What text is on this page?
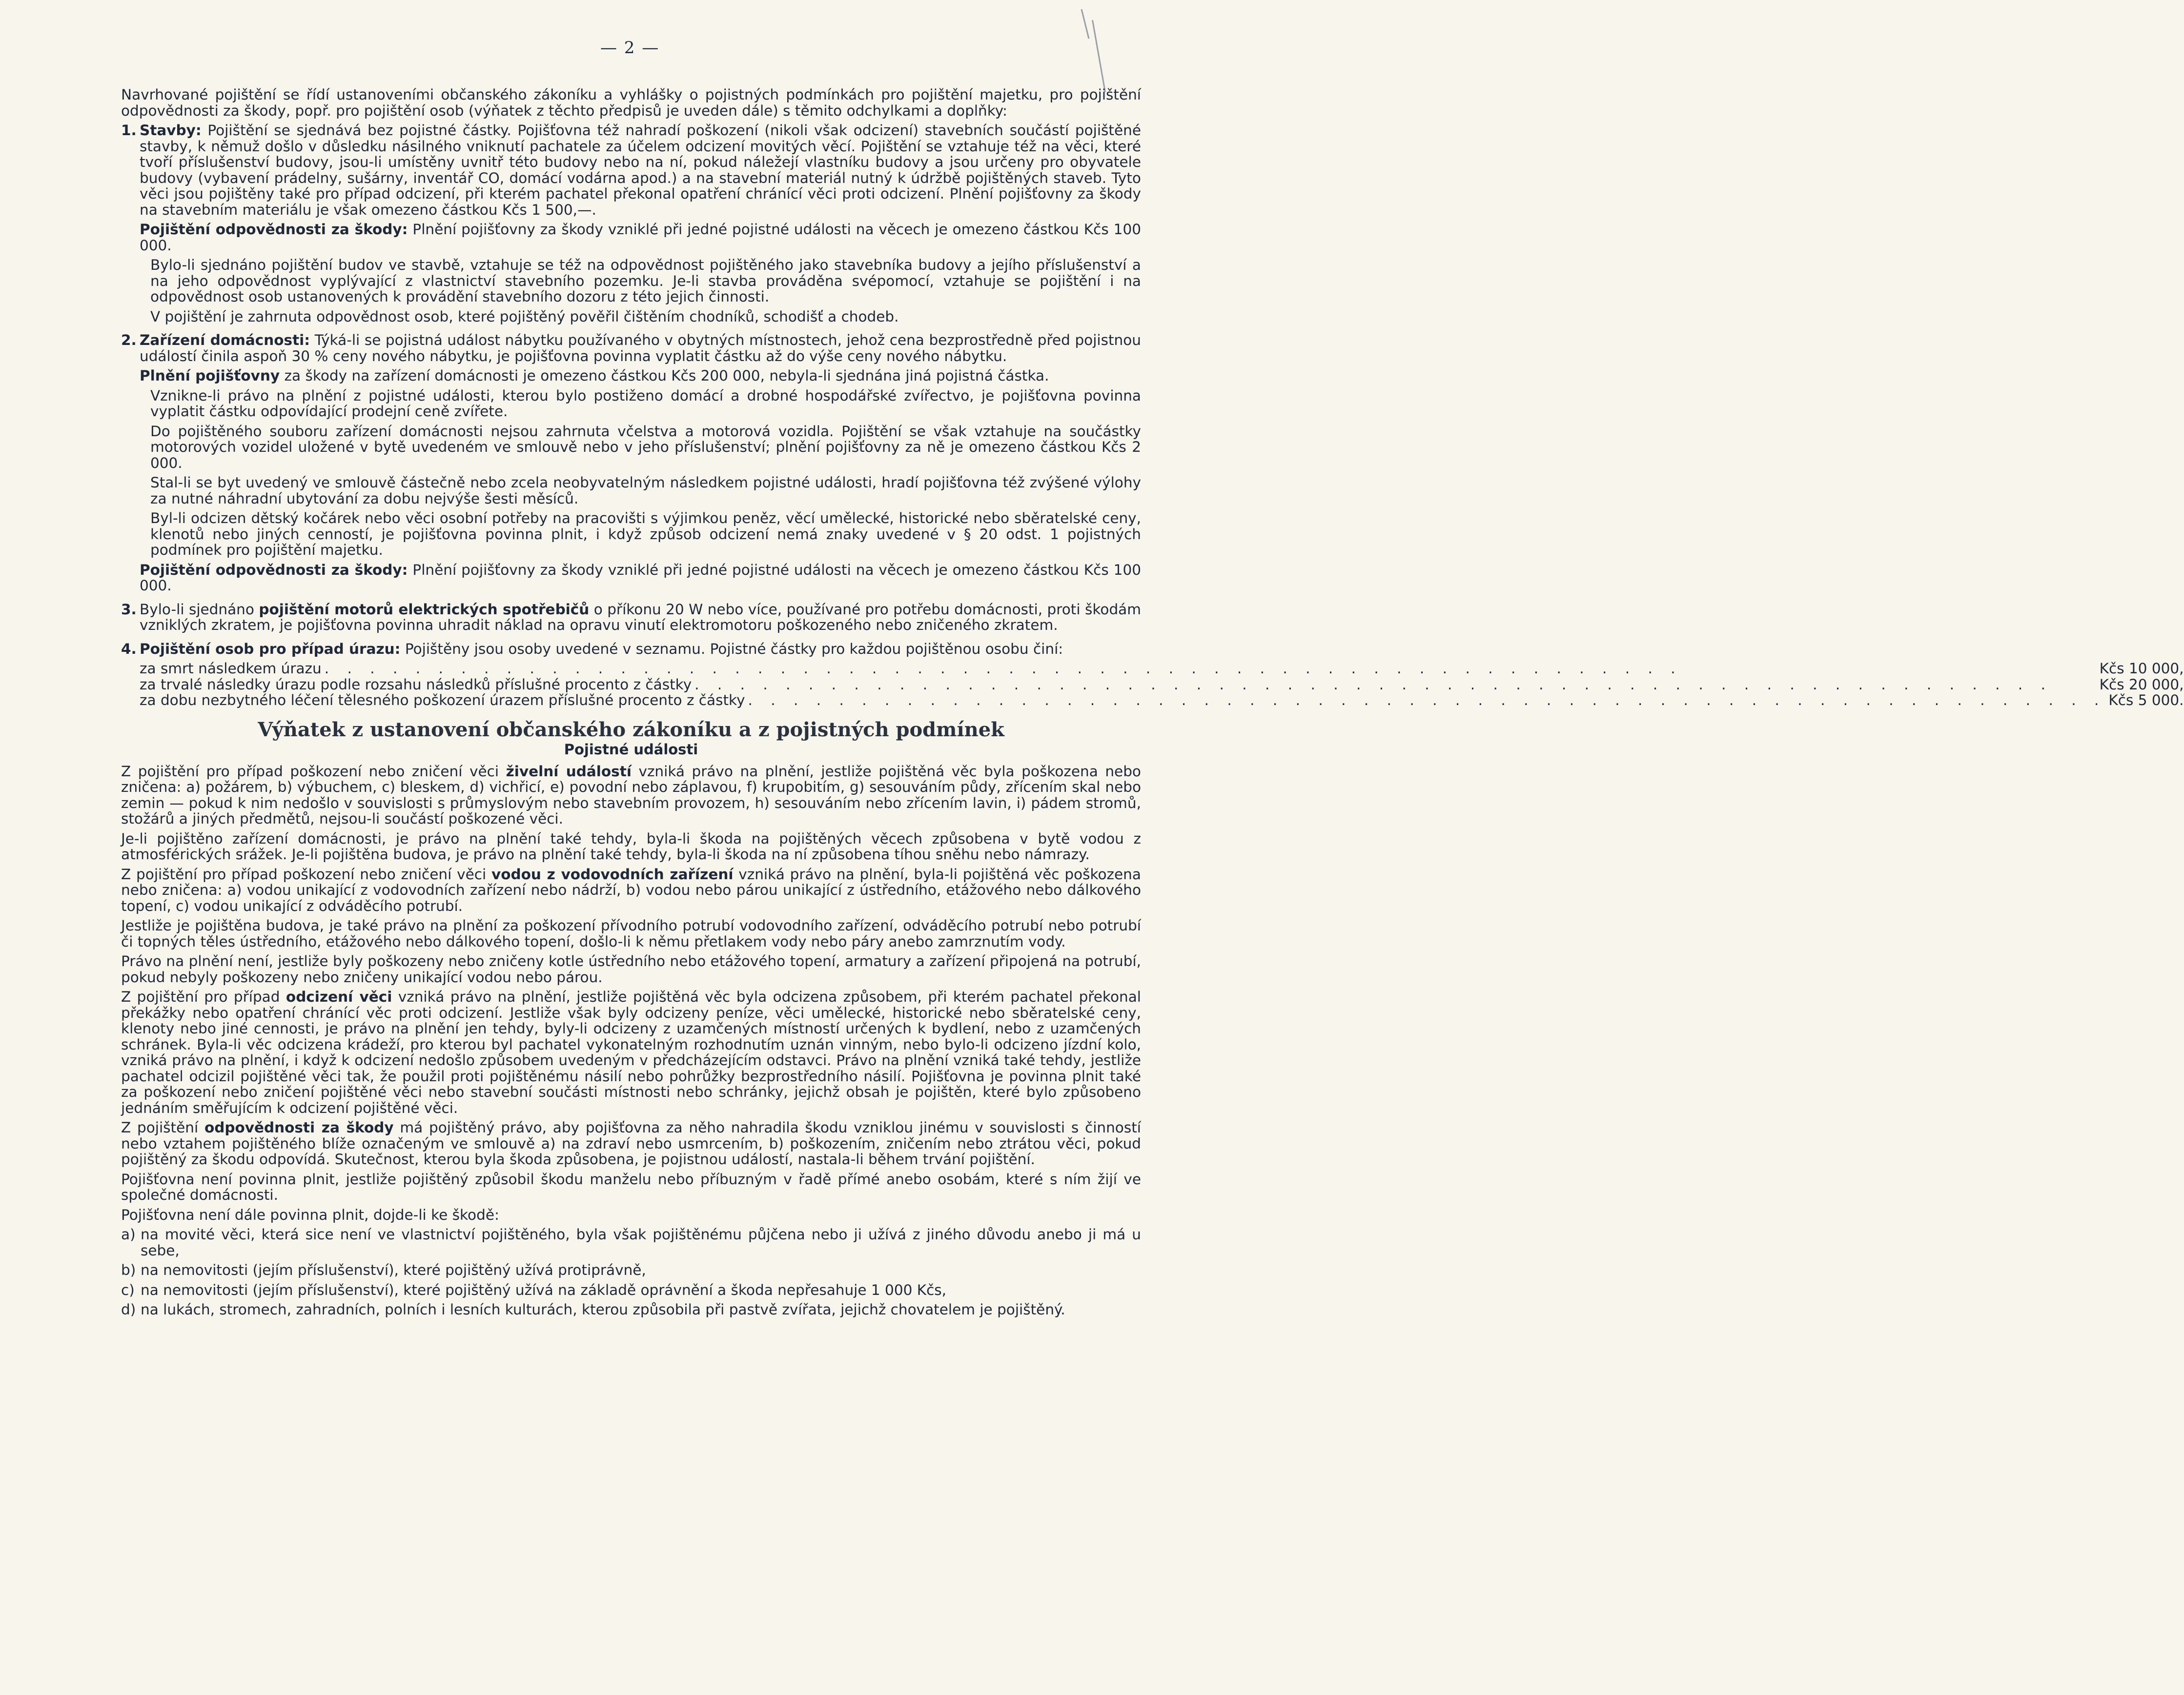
— 2 —

Navrhované pojištění se řídí ustanoveními občanského zákoníku a vyhlášky o pojistných podmínkách pro pojištění majetku, pro pojištění odpovědnosti za škody, popř. pro pojištění osob (výňatek z těchto předpisů je uveden dále) s těmito odchylkami a doplňky:

1. Stavby: Pojištění se sjednává bez pojistné částky. Pojišťovna též nahradí poškození (nikoli však odcizení) stavebních součástí pojištěné stavby, k němuž došlo v důsledku násilného vniknutí pachatele za účelem odcizení movitých věcí. Pojištění se vztahuje též na věci, které tvoří příslušenství budovy, jsou-li umístěny uvnitř této budovy nebo na ní, pokud náležejí vlastníku budovy a jsou určeny pro obyvatele budovy (vybavení prádelny, sušárny, inventář CO, domácí vodárna apod.) a na stavební materiál nutný k údržbě pojištěných staveb. Tyto věci jsou pojištěny také pro případ odcizení, při kterém pachatel překonal opatření chránící věci proti odcizení. Plnění pojišťovny za škody na stavebním materiálu je však omezeno částkou Kčs 1 500,—.

Pojištění odpovědnosti za škody: Plnění pojišťovny za škody vzniklé při jedné pojistné události na věcech je omezeno částkou Kčs 100 000.

Bylo-li sjednáno pojištění budov ve stavbě, vztahuje se též na odpovědnost pojištěného jako stavebníka budovy a jejího příslušenství a na jeho odpovědnost vyplývající z vlastnictví stavebního pozemku. Je-li stavba prováděna svépomocí, vztahuje se pojištění i na odpovědnost osob ustanovených k provádění stavebního dozoru z této jejich činnosti.

V pojištění je zahrnuta odpovědnost osob, které pojištěný pověřil čištěním chodníků, schodišť a chodeb.

2. Zařízení domácnosti: Týká-li se pojistná událost nábytku používaného v obytných místnostech, jehož cena bezprostředně před pojistnou událostí činila aspoň 30 % ceny nového nábytku, je pojišťovna povinna vyplatit částku až do výše ceny nového nábytku.

Plnění pojišťovny za škody na zařízení domácnosti je omezeno částkou Kčs 200 000, nebyla-li sjednána jiná pojistná částka.

Vznikne-li právo na plnění z pojistné události, kterou bylo postiženo domácí a drobné hospodářské zvířectvo, je pojišťovna povinna vyplatit částku odpovídající prodejní ceně zvířete.

Do pojištěného souboru zařízení domácnosti nejsou zahrnuta včelstva a motorová vozidla. Pojištění se však vztahuje na součástky motorových vozidel uložené v bytě uvedeném ve smlouvě nebo v jeho příslušenství; plnění pojišťovny za ně je omezeno částkou Kčs 2 000.

Stal-li se byt uvedený ve smlouvě částečně nebo zcela neobyvatelným následkem pojistné události, hradí pojišťovna též zvýšené výlohy za nutné náhradní ubytování za dobu nejvýše šesti měsíců.

Byl-li odcizen dětský kočárek nebo věci osobní potřeby na pracovišti s výjimkou peněz, věcí umělecké, historické nebo sběratelské ceny, klenotů nebo jiných cenností, je pojišťovna povinna plnit, i když způsob odcizení nemá znaky uvedené v § 20 odst. 1 pojistných podmínek pro pojištění majetku.

Pojištění odpovědnosti za škody: Plnění pojišťovny za škody vzniklé při jedné pojistné události na věcech je omezeno částkou Kčs 100 000.

3. Bylo-li sjednáno pojištění motorů elektrických spotřebičů o příkonu 20 W nebo více, používané pro potřebu domácnosti, proti škodám vzniklých zkratem, je pojišťovna povinna uhradit náklad na opravu vinutí elektromotoru poškozeného nebo zničeného zkratem.

4. Pojištění osob pro případ úrazu: Pojištěny jsou osoby uvedené v seznamu. Pojistné částky pro každou pojištěnou osobu činí:

za smrt následkem úrazu . . . . . . . . . . . . . . . . . . . . . . . . . . . . . . . . . . . . . . . . . . . . . . . . . . . . . . . . . . . .	Kčs 10 000,
za trvalé následky úrazu podle rozsahu následků příslušné procento z částky . . . . . . . . . . . . . . . . . . . . . . . . . . . . . . . . . . . . . . . . . . . . . . . . . . . . . . . . . . . .	Kčs 20 000,
za dobu nezbytného léčení tělesného poškození úrazem příslušné procento z částky . . . . . . . . . . . . . . . . . . . . . . . . . . . . . . . . . . . . . . . . . . . . . . . . . . . . . . . . . . . . Kčs 5 000.
Výňatek z ustanovení občanského zákoníku a z pojistných podmínek
Pojistné události

Z pojištění pro případ poškození nebo zničení věci živelní událostí vzniká právo na plnění, jestliže pojištěná věc byla poškozena nebo zničena: a) požárem, b) výbuchem, c) bleskem, d) vichřicí, e) povodní nebo záplavou, f) krupobitím, g) sesouváním půdy, zřícením skal nebo zemin — pokud k nim nedošlo v souvislosti s průmyslovým nebo stavebním provozem, h) sesouváním nebo zřícením lavin, i) pádem stromů, stožárů a jiných předmětů, nejsou-li součástí poškozené věci.

Je-li pojištěno zařízení domácnosti, je právo na plnění také tehdy, byla-li škoda na pojištěných věcech způsobena v bytě vodou z atmosférických srážek. Je-li pojištěna budova, je právo na plnění také tehdy, byla-li škoda na ní způsobena tíhou sněhu nebo námrazy.

Z pojištění pro případ poškození nebo zničení věci vodou z vodovodních zařízení vzniká právo na plnění, byla-li pojištěná věc poškozena nebo zničena: a) vodou unikající z vodovodních zařízení nebo nádrží, b) vodou nebo párou unikající z ústředního, etážového nebo dálkového topení, c) vodou unikající z odváděcího potrubí.

Jestliže je pojištěna budova, je také právo na plnění za poškození přívodního potrubí vodovodního zařízení, odváděcího potrubí nebo potrubí či topných těles ústředního, etážového nebo dálkového topení, došlo-li k němu přetlakem vody nebo páry anebo zamrznutím vody.

Právo na plnění není, jestliže byly poškozeny nebo zničeny kotle ústředního nebo etážového topení, armatury a zařízení připojená na potrubí, pokud nebyly poškozeny nebo zničeny unikající vodou nebo párou.

Z pojištění pro případ odcizení věci vzniká právo na plnění, jestliže pojištěná věc byla odcizena způsobem, při kterém pachatel překonal překážky nebo opatření chránící věc proti odcizení. Jestliže však byly odcizeny peníze, věci umělecké, historické nebo sběratelské ceny, klenoty nebo jiné cennosti, je právo na plnění jen tehdy, byly-li odcizeny z uzamčených místností určených k bydlení, nebo z uzamčených schránek. Byla-li věc odcizena krádeží, pro kterou byl pachatel vykonatelným rozhodnutím uznán vinným, nebo bylo-li odcizeno jízdní kolo, vzniká právo na plnění, i když k odcizení nedošlo způsobem uvedeným v předcházejícím odstavci. Právo na plnění vzniká také tehdy, jestliže pachatel odcizil pojištěné věci tak, že použil proti pojištěnému násilí nebo pohrůžky bezprostředního násilí. Pojišťovna je povinna plnit také za poškození nebo zničení pojištěné věci nebo stavební součásti místnosti nebo schránky, jejichž obsah je pojištěn, které bylo způsobeno jednáním směřujícím k odcizení pojištěné věci.

Z pojištění odpovědnosti za škody má pojištěný právo, aby pojišťovna za něho nahradila škodu vzniklou jinému v souvislosti s činností nebo vztahem pojištěného blíže označeným ve smlouvě a) na zdraví nebo usmrcením, b) poškozením, zničením nebo ztrátou věci, pokud pojištěný za škodu odpovídá. Skutečnost, kterou byla škoda způsobena, je pojistnou událostí, nastala-li během trvání pojištění.

Pojišťovna není povinna plnit, jestliže pojištěný způsobil škodu manželu nebo příbuzným v řadě přímé anebo osobám, které s ním žijí ve společné domácnosti.

Pojišťovna není dále povinna plnit, dojde-li ke škodě:

a) na movité věci, která sice není ve vlastnictví pojištěného, byla však pojištěnému půjčena nebo ji užívá z jiného důvodu anebo ji má u sebe,
b) na nemovitosti (jejím příslušenství), které pojištěný užívá protiprávně,
c) na nemovitosti (jejím příslušenství), které pojištěný užívá na základě oprávnění a škoda nepřesahuje 1 000 Kčs,
d) na lukách, stromech, zahradních, polních i lesních kulturách, kterou způsobila při pastvě zvířata, jejichž chovatelem je pojištěný.
